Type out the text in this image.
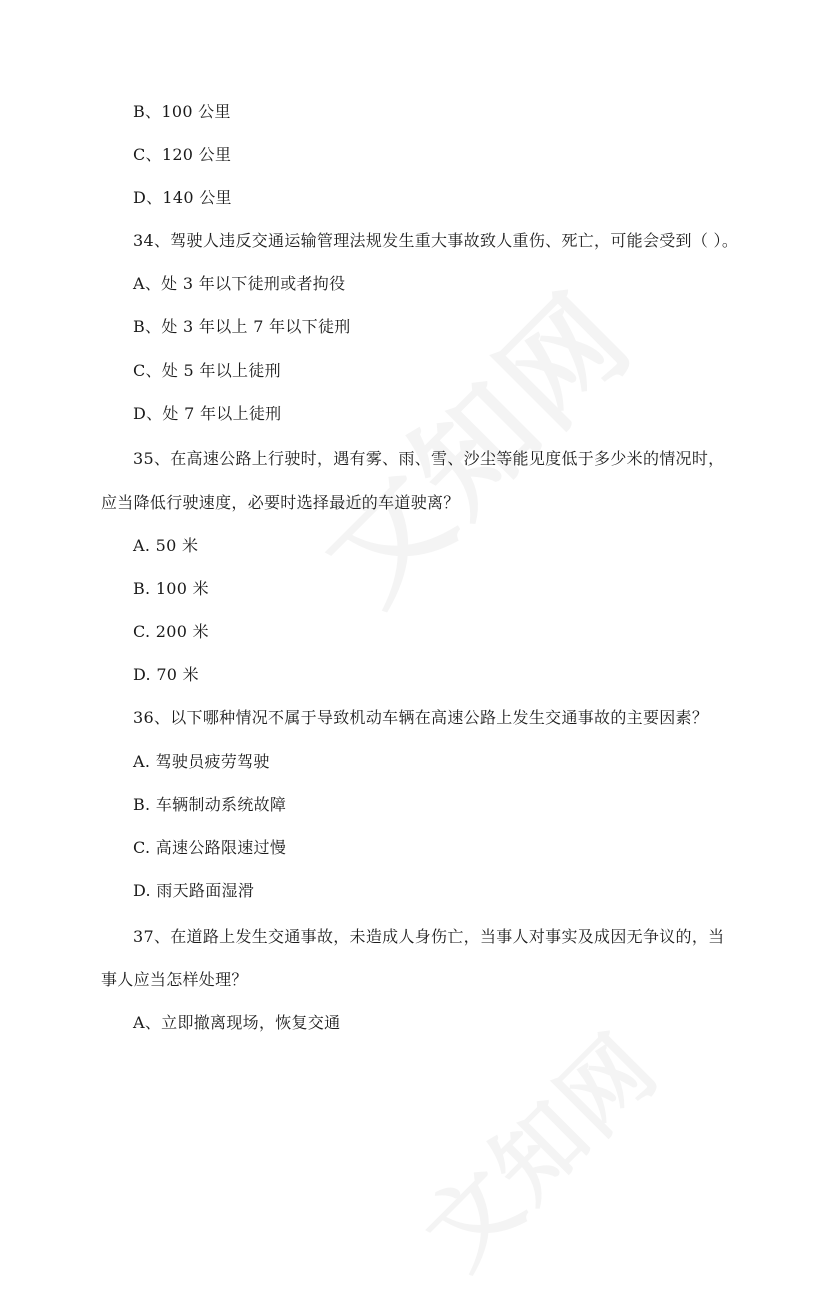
B、100 公里
C、120 公里
D、140 公里
34、驾驶人违反交通运输管理法规发生重大事故致人重伤、死亡，可能会受到（ ）。
A、处 3 年以下徒刑或者拘役
B、处 3 年以上 7 年以下徒刑
C、处 5 年以上徒刑
D、处 7 年以上徒刑
35、在高速公路上行驶时，遇有雾、雨、雪、沙尘等能见度低于多少米的情况时，
应当降低行驶速度，必要时选择最近的车道驶离？
A. 50 米
B. 100 米
C. 200 米
D. 70 米
36、以下哪种情况不属于导致机动车辆在高速公路上发生交通事故的主要因素？
A. 驾驶员疲劳驾驶
B. 车辆制动系统故障
C. 高速公路限速过慢
D. 雨天路面湿滑
37、在道路上发生交通事故，未造成人身伤亡，当事人对事实及成因无争议的，当
事人应当怎样处理？
A、立即撤离现场，恢复交通
